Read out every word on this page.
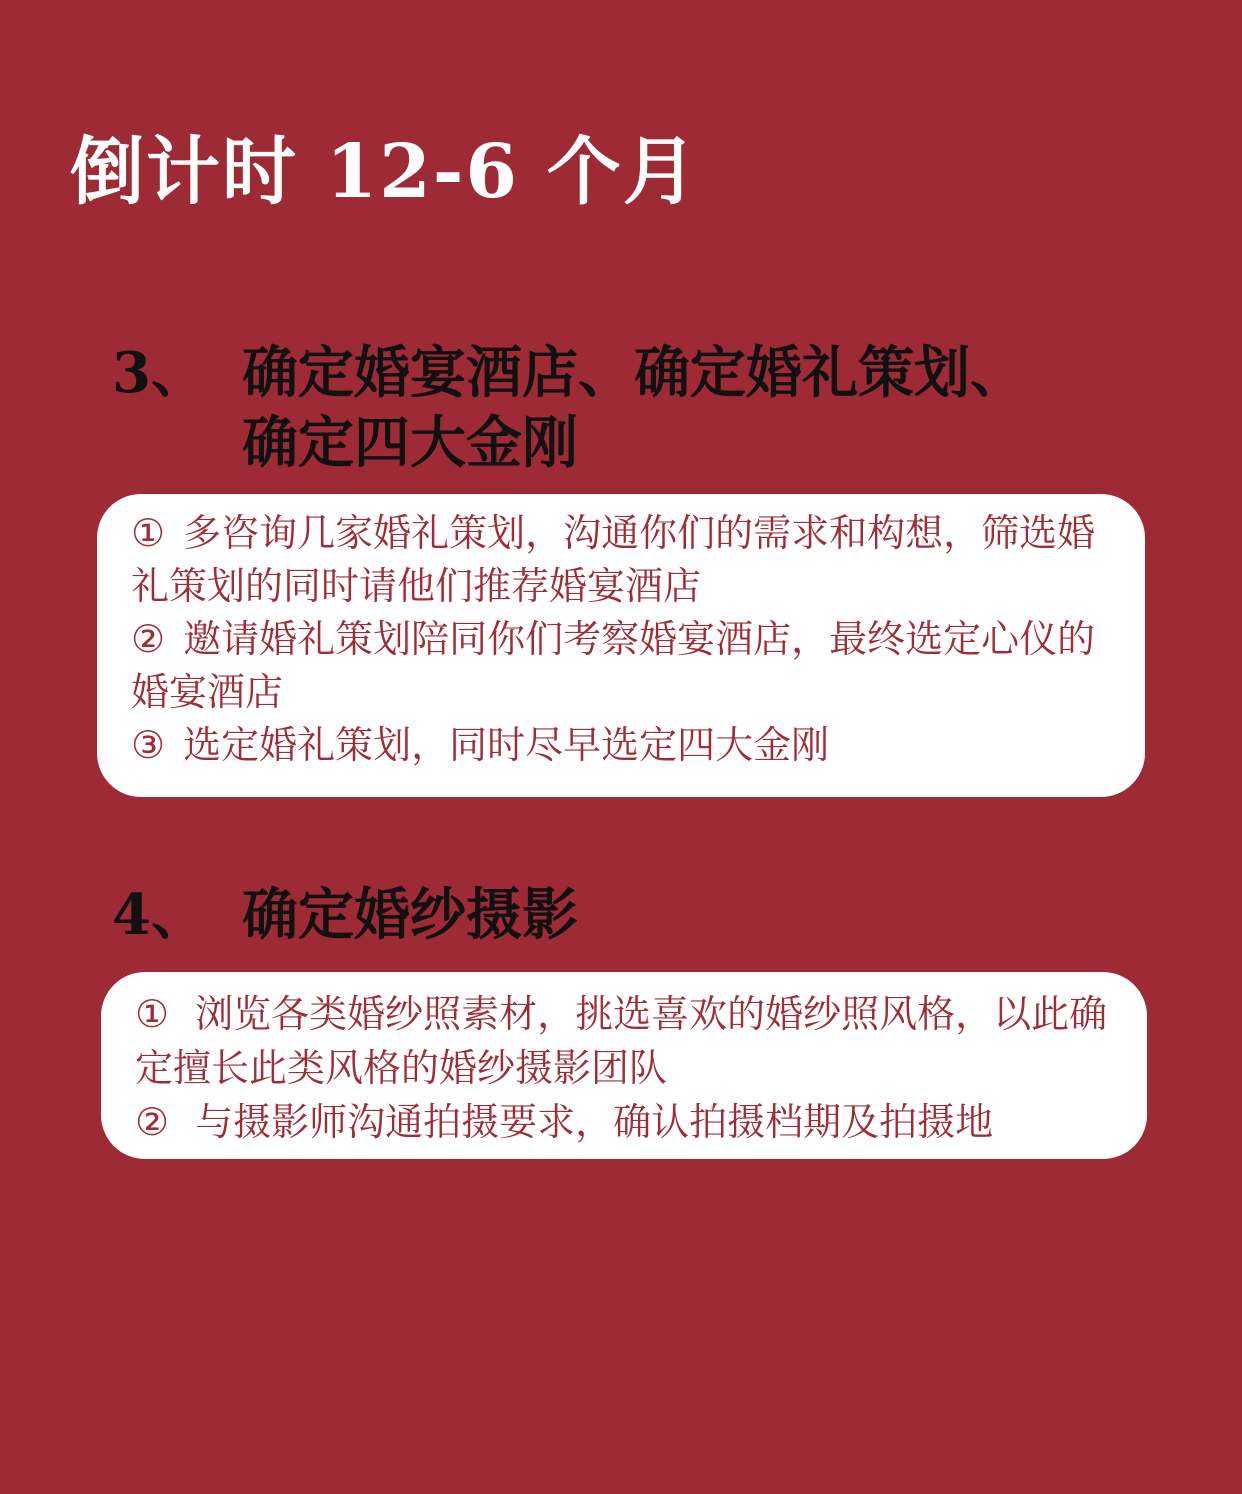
倒计时 12-6 个月
3、 确定婚宴酒店、确定婚礼策划、确定四大金刚
① 多咨询几家婚礼策划，沟通你们的需求和构想，筛选婚礼策划的同时请他们推荐婚宴酒店
② 邀请婚礼策划陪同你们考察婚宴酒店，最终选定心仪的婚宴酒店
③ 选定婚礼策划，同时尽早选定四大金刚
4、 确定婚纱摄影
① 浏览各类婚纱照素材，挑选喜欢的婚纱照风格，以此确定擅长此类风格的婚纱摄影团队
② 与摄影师沟通拍摄要求，确认拍摄档期及拍摄地
